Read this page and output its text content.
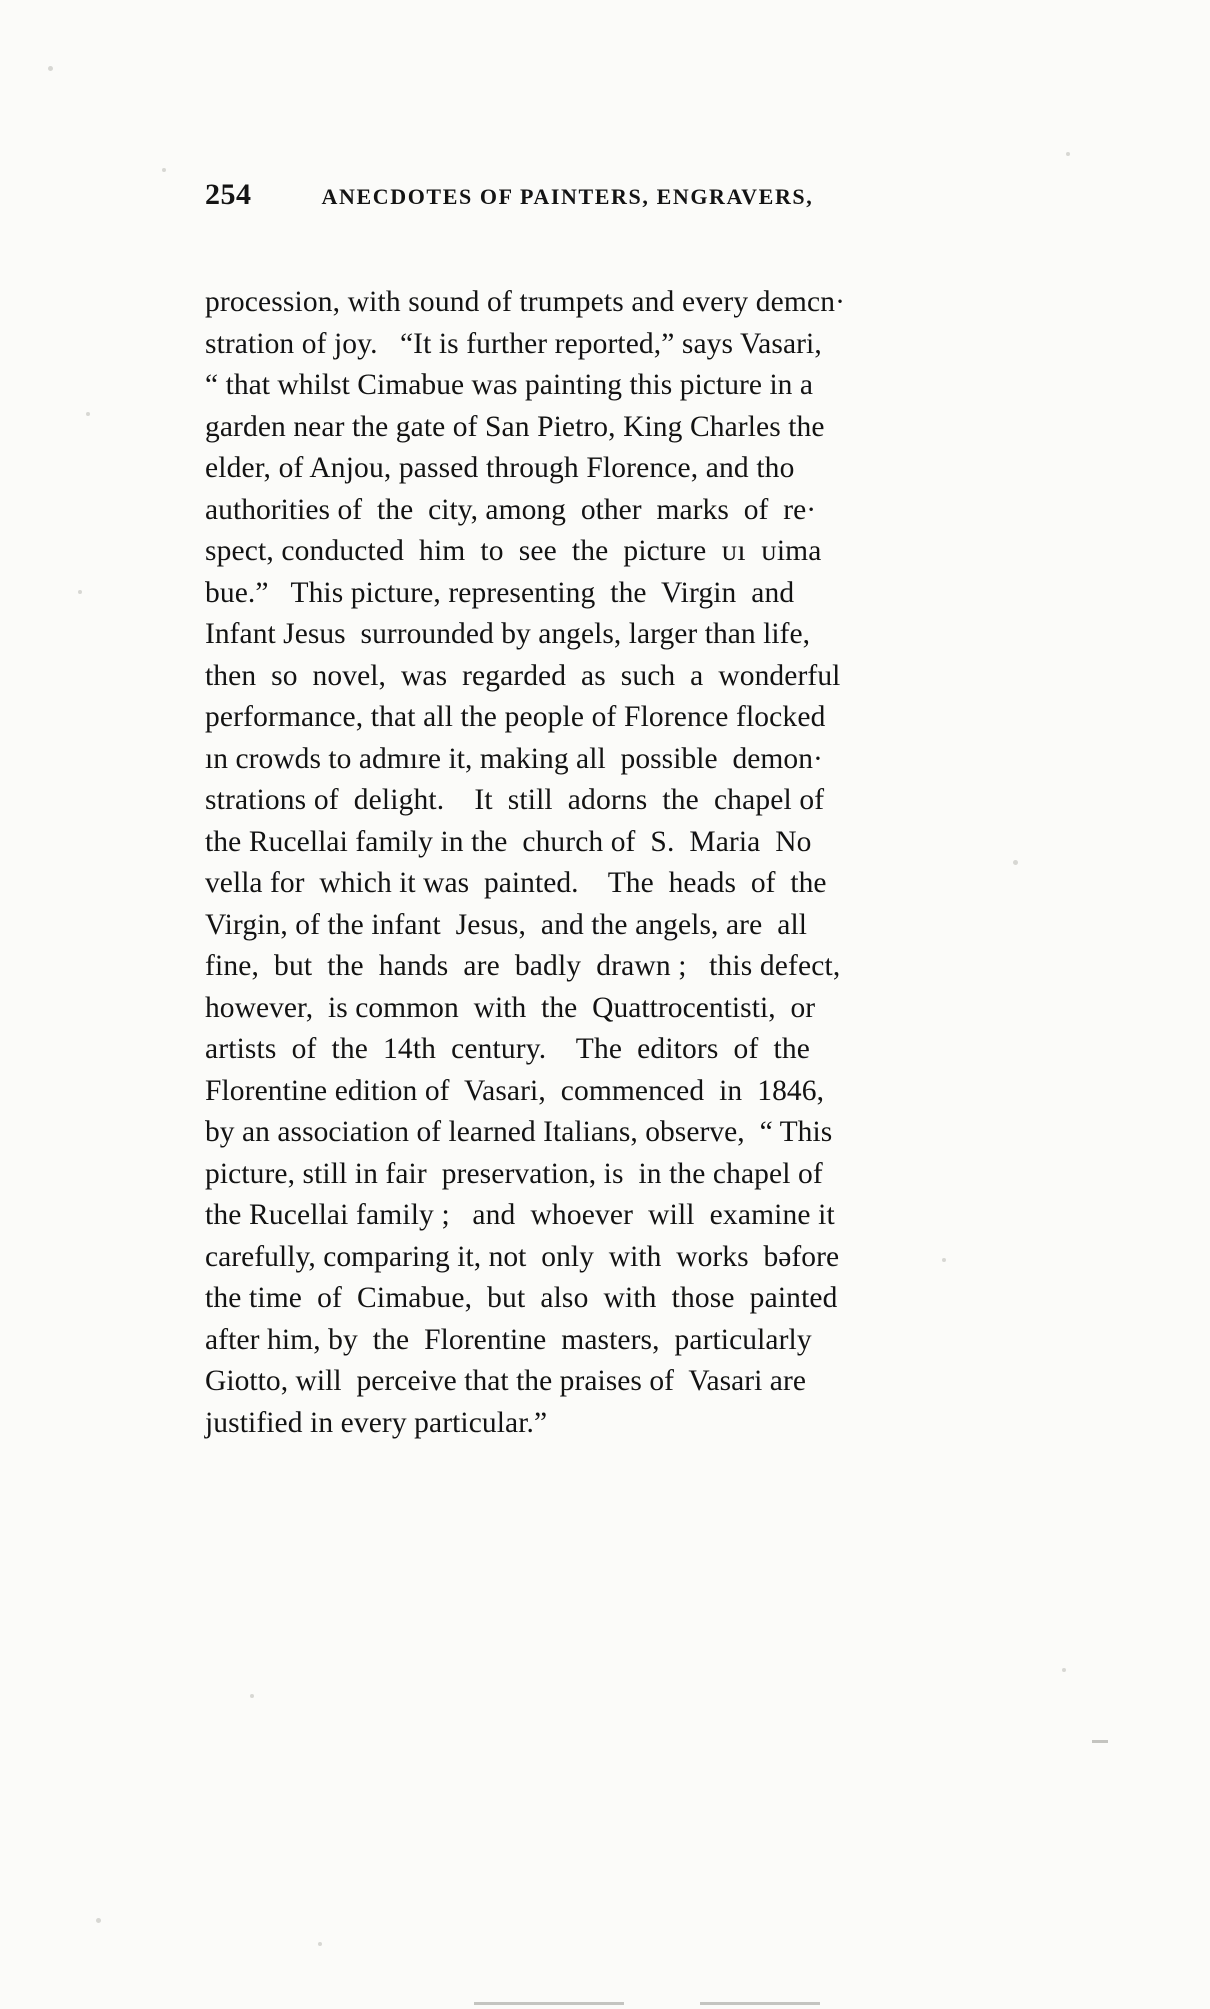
254	ANECDOTES OF PAINTERS, ENGRAVERS,
procession, with sound of trumpets and every demcn·
stration of joy.   “It is further reported,” says Vasari,
“ that whilst Cimabue was painting this picture in a
garden near the gate of San Pietro, King Charles the
elder, of Anjou, passed through Florence, and tho
authorities of  the  city, among  other  marks  of  re·
spect, conducted  him  to  see  the  picture  ᴜı  ᴜima
bue.”   This picture, representing  the  Virgin  and
Infant Jesus  surrounded by angels, larger than life,
then  so  novel,  was  regarded  as  such  a  wonderful
performance, that all the people of Florence flocked
ın crowds to admıre it, making all  possible  demon·
strations of  delight.    It  still  adorns  the  chapel of
the Rucellai family in the  church of  S.  Maria  No
vella for  which it was  painted.    The  heads  of  the
Virgin, of the infant  Jesus,  and the angels, are  all
fine,  but  the  hands  are  badly  drawn ;   this defect,
however,  is common  with  the  Quattrocentisti,  or
artists  of  the  14th  century.    The  editors  of  the
Florentine edition of  Vasari,  commenced  in  1846,
by an association of learned Italians, observe,  “ This
picture, still in fair  preservation, is  in the chapel of
the Rucellai family ;   and  whoever  will  examine it
carefully, comparing it, not  only  with  works  bəfore
the time  of  Cimabue,  but  also  with  those  painted
after him, by  the  Florentine  masters,  particularly
Giotto, will  perceive that the praises of  Vasari are
justified in every particular.”
